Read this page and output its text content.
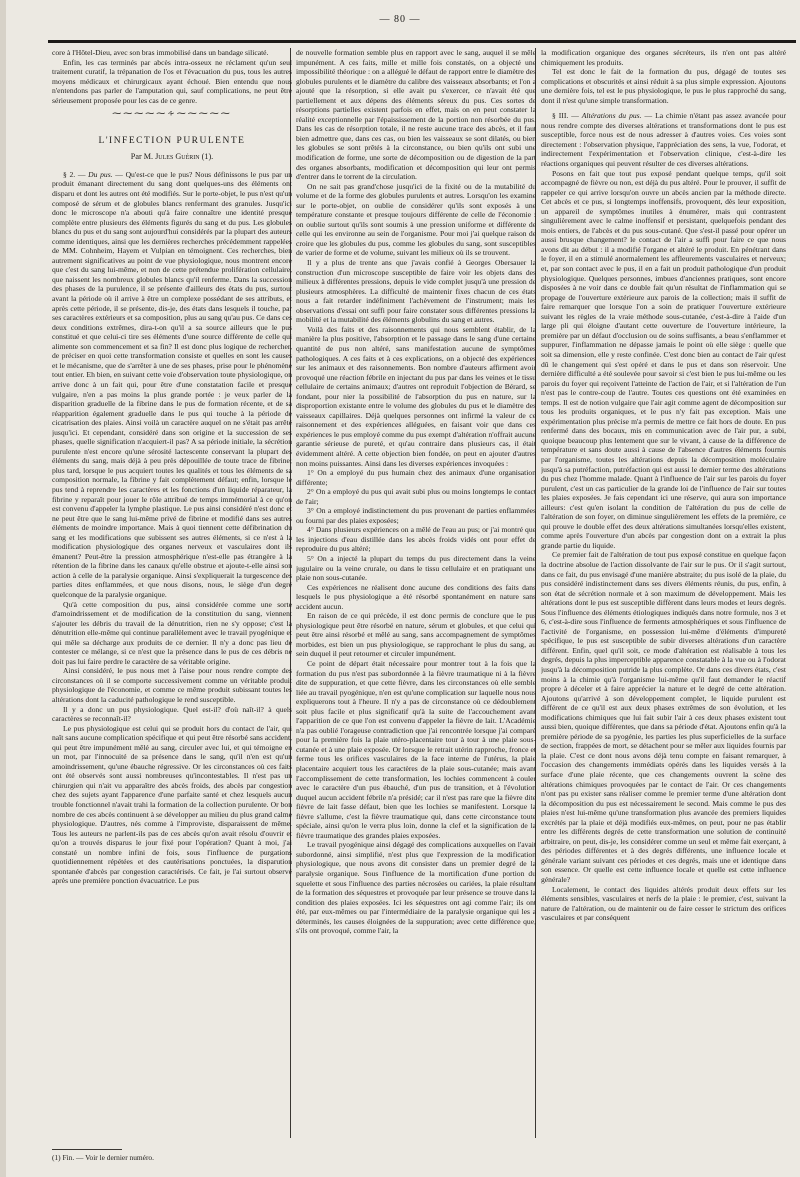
— 80 —

core à l'Hôtel-Dieu, avec son bras immobilisé dans un bandage silicaté.

Enfin, les cas terminés par abcès intra-osseux ne réclament qu'un seul traitement curatif, la trépanation de l'os et l'évacuation du pus, tous les autres moyens médicaux et chirurgicaux ayant échoué. Bien entendu que nous n'entendons pas parler de l'amputation qui, sauf complications, ne peut être sérieusement proposée pour les cas de ce genre.

⁓⁓⁓⁓⁓∻⁓⁓⁓⁓⁓
L'INFECTION PURULENTE
Par M. Jules Guérin (1).

§ 2. — Du pus. — Qu'est-ce que le pus? Nous définissons le pus par un produit émanant directement du sang dont quelques-uns des éléments ont disparu et dont les autres ont été modifiés. Sur le porte-objet, le pus n'est qu'un composé de sérum et de globules blancs renfermant des granules. Jusqu'ici donc le microscope n'a abouti qu'à faire connaître une identité presque complète entre plusieurs des éléments figurés du sang et du pus. Les globules blancs du pus et du sang sont aujourd'hui considérés par la plupart des auteurs comme identiques, ainsi que les dernières recherches précédemment rappelées de MM. Cohnheim, Hayem et Vulpian en témoignent. Ces recherches, bien autrement significatives au point de vue physiologique, nous montrent encore que c'est du sang lui-même, et non de cette prétendue prolifération cellulaire, que naissent les nombreux globules blancs qu'il renferme. Dans la succession des phases de la purulence, il se présente d'ailleurs des états du pus, surtout avant la période où il arrive à être un complexe possédant de ses attributs, et après cette période, il se présente, dis-je, des états dans lesquels il touche, par ses caractères extérieurs et sa composition, plus au sang qu'au pus. Ce dans ces deux conditions extrêmes, dira-t-on qu'il a sa source ailleurs que le pus constitué et que celui-ci tire ses éléments d'une source différente de celle qui alimente son commencement et sa fin? Il est donc plus logique de rechercher, de préciser en quoi cette transformation consiste et quelles en sont les causes et le mécanisme, que de s'arrêter à une de ses phases, prise pour le phénomène tout entier. Eh bien, en suivant cette voie d'observation toute physiologique, on arrive donc à un fait qui, pour être d'une constatation facile et presque vulgaire, n'en a pas moins la plus grande portée : je veux parler de la disparition graduelle de la fibrine dans le pus de formation récente, et de sa réapparition également graduelle dans le pus qui touche à la période de cicatrisation des plaies. Ainsi voilà un caractère auquel on ne s'était pas arrêté jusqu'ici. Et cependant, considéré dans son origine et la succession de ses phases, quelle signification n'acquiert-il pas? A sa période initiale, la sécrétion purulente n'est encore qu'une sérosité lactescente conservant la plupart des éléments du sang, mais déjà à peu près dépouillée de toute trace de fibrine; plus tard, lorsque le pus acquiert toutes les qualités et tous les éléments de sa composition normale, la fibrine y fait complètement défaut; enfin, lorsque le pus tend à reprendre les caractères et les fonctions d'un liquide réparateur, la fibrine y reparaît pour jouer le rôle attribué de temps immémorial à ce qu'on est convenu d'appeler la lymphe plastique. Le pus ainsi considéré n'est donc et ne peut être que le sang lui-même privé de fibrine et modifié dans ses autres éléments de moindre importance. Mais à quoi tiennent cette défibrination du sang et les modifications que subissent ses autres éléments, si ce n'est à la modification physiologique des organes nerveux et vasculaires dont ils émanent? Peut-être la pression atmosphérique n'est-elle pas étrangère à la rétention de la fibrine dans les canaux qu'elle obstrue et ajoute-t-elle ainsi son action à celle de la paralysie organique. Ainsi s'expliquerait la turgescence des parties dites enflammées, et que nous disons, nous, le siège d'un degré quelconque de la paralysie organique.

Qu'à cette composition du pus, ainsi considérée comme une sorte d'amoindrissement et de modification de la constitution du sang, viennent s'ajouter les débris du travail de la dénutrition, rien ne s'y oppose; c'est la dénutrition elle-même qui continue parallèlement avec le travail pyogénique et qui mêle sa décharge aux produits de ce dernier. Il n'y a donc pas lieu de contester ce mélange, si ce n'est que la présence dans le pus de ces débris ne doit pas lui faire perdre le caractère de sa véritable origine.

Ainsi considéré, le pus nous met à l'aise pour nous rendre compte des circonstances où il se comporte successivement comme un véritable produit physiologique de l'économie, et comme ce même produit subissant toutes les altérations dont la caducité pathologique le rend susceptible.

Il y a donc un pus physiologique. Quel est-il? d'où naît-il? à quels caractères se reconnaît-il?

Le pus physiologique est celui qui se produit hors du contact de l'air, qui naît sans aucune complication spécifique et qui peut être résorbé sans accident, qui peut être impunément mêlé au sang, circuler avec lui, et qui témoigne en un mot, par l'innocuité de sa présence dans le sang, qu'il n'en est qu'un amoindrissement, qu'une ébauche régressive. Or les circonstances où ces faits ont été observés sont aussi nombreuses qu'incontestables. Il n'est pas un chirurgien qui n'ait vu apparaître des abcès froids, des abcès par congestion chez des sujets ayant l'apparence d'une parfaite santé et chez lesquels aucun trouble fonctionnel n'avait trahi la formation de la collection purulente. Or bon nombre de ces abcès continuent à se développer au milieu du plus grand calme physiologique. D'autres, nés comme à l'improviste, disparaissent de même. Tous les auteurs ne parlent-ils pas de ces abcès qu'on avait résolu d'ouvrir et qu'on a trouvés disparus le jour fixé pour l'opération? Quant à moi, j'ai constaté un nombre infini de fois, sous l'influence de purgations quotidiennement répétées et des cautérisations ponctuées, la disparution spontanée d'abcès par congestion caractérisés. Ce fait, je l'ai surtout observé après une première ponction évacuatrice. Le pus

(1) Fin. — Voir le dernier numéro.

de nouvelle formation semble plus en rapport avec le sang, auquel il se mêle impunément. A ces faits, mille et mille fois constatés, on a objecté une impossibilité théorique : on a allégué le défaut de rapport entre le diamètre des globules purulents et le diamètre du calibre des vaisseaux absorbants; et l'on a ajouté que la résorption, si elle avait pu s'exercer, ce n'avait été que partiellement et aux dépens des éléments séreux du pus. Ces sortes de résorptions partielles existent parfois en effet, mais on en peut constater la réalité exceptionnelle par l'épaississement de la portion non résorbée du pus. Dans les cas de résorption totale, il ne reste aucune trace des abcès, et il faut bien admettre que, dans ces cas, ou bien les vaisseaux se sont dilatés, ou bien les globules se sont prêtés à la circonstance, ou bien qu'ils ont subi une modification de forme, une sorte de décomposition ou de digestion de la part des organes absorbants, modification et décomposition qui leur ont permis d'entrer dans le torrent de la circulation.

On ne sait pas grand'chose jusqu'ici de la fixité ou de la mutabilité du volume et de la forme des globules purulents et autres. Lorsqu'on les examine sur le porte-objet, on oublie de considérer qu'ils sont exposés à une température constante et presque toujours différente de celle de l'économie : on oublie surtout qu'ils sont soumis à une pression uniforme et différente de celle qui les environne au sein de l'organisme. Pour moi j'ai quelque raison de croire que les globules du pus, comme les globules du sang, sont susceptibles de varier de forme et de volume, suivant les milieux où ils se trouvent.

Il y a plus de trente ans que j'avais confié à Georges Obersauer la construction d'un microscope susceptible de faire voir les objets dans des milieux à différentes pressions, depuis le vide complet jusqu'à une pression de plusieurs atmosphères. La difficulté de maintenir fixes chacun de ces états nous a fait retarder indéfiniment l'achèvement de l'instrument; mais les observations d'essai ont suffi pour faire constater sous différentes pressions la mobilité et la mutabilité des éléments globulins du sang et autres.

Voilà des faits et des raisonnements qui nous semblent établir, de la manière la plus positive, l'absorption et le passage dans le sang d'une certaine quantité de pus non altéré, sans manifestation aucune de symptômes pathologiques. A ces faits et à ces explications, on a objecté des expériences sur les animaux et des raisonnements. Bon nombre d'auteurs affirment avoir provoqué une réaction fébrile en injectant du pus par dans les veines et le tissu cellulaire de certains animaux; d'autres ont reproduit l'objection de Bérard, se fondant, pour nier la possibilité de l'absorption du pus en nature, sur la disproportion existante entre le volume des globules du pus et le diamètre des vaisseaux capillaires. Déjà quelques personnes ont infirmé la valeur de ce raisonnement et des expériences alléguées, en faisant voir que dans ces expériences le pus employé comme du pus exempt d'altération n'offrait aucune garantie sérieuse de pureté, et qu'au contraire dans plusieurs cas, il était évidemment altéré. A cette objection bien fondée, on peut en ajouter d'autres non moins puissantes. Ainsi dans les diverses expériences invoquées :

1° On a employé du pus humain chez des animaux d'une organisation différente;

2° On a employé du pus qui avait subi plus ou moins longtemps le contact de l'air;

3° On a employé indistinctement du pus provenant de parties enflammées ou fourni par des plaies exposées;

4° Dans plusieurs expériences on a mêlé de l'eau au pus; or j'ai montré que les injections d'eau distillée dans les abcès froids vidés ont pour effet de reproduire du pus altéré;

5° On a injecté la plupart du temps du pus directement dans la veine jugulaire ou la veine crurale, ou dans le tissu cellulaire et en pratiquant une plaie non sous-cutanée.

Ces expériences ne réalisent donc aucune des conditions des faits dans lesquels le pus physiologique a été résorbé spontanément en nature sans accident aucun.

En raison de ce qui précède, il est donc permis de conclure que le pus physiologique peut être résorbé en nature, sérum et globules, et que celui qui peut être ainsi résorbé et mêlé au sang, sans accompagnement de symptômes morbides, est bien un pus physiologique, se rapprochant le plus du sang, au sein duquel il peut retourner et circuler impunément.

Ce point de départ était nécessaire pour montrer tout à la fois que la formation du pus n'est pas subordonnée à la fièvre traumatique ni à la fièvre dite de suppuration, et que cette fièvre, dans les circonstances où elle semble liée au travail pyogénique, n'en est qu'une complication sur laquelle nous nous expliquerons tout à l'heure. Il n'y a pas de circonstance où ce dédoublement soit plus facile et plus significatif qu'à la suite de l'accouchement avant l'apparition de ce que l'on est convenu d'appeler la fièvre de lait. L'Académie n'a pas oublié l'orageuse contradiction que j'ai rencontrée lorsque j'ai comparé pour la première fois la plaie utéro-placentaire tour à tour à une plaie sous-cutanée et à une plaie exposée. Or lorsque le retrait utérin rapproche, fronce et ferme tous les orifices vasculaires de la face interne de l'utérus, la plaie placentaire acquiert tous les caractères de la plaie sous-cutanée; mais avant l'accomplissement de cette transformation, les lochies commencent à couler avec le caractère d'un pus ébauché, d'un pus de transition, et à l'évolution duquel aucun accident fébrile n'a présidé; car il n'est pas rare que la fièvre dite fièvre de lait fasse défaut, bien que les lochies se manifestent. Lorsque la fièvre s'allume, c'est la fièvre traumatique qui, dans cette circonstance toute spéciale, ainsi qu'on le verra plus loin, donne la clef et la signification de la fièvre traumatique des grandes plaies exposées.

Le travail pyogénique ainsi dégagé des complications auxquelles on l'avait subordonné, ainsi simplifié, n'est plus que l'expression de la modification physiologique, que nous avons dit consister dans un premier degré de la paralysie organique. Sous l'influence de la mortification d'une portion du squelette et sous l'influence des parties nécrosées ou cariées, la plaie résultant de la formation des séquestres et provoquée par leur présence se trouve dans la condition des plaies exposées. Ici les séquestres ont agi comme l'air; ils ont été, par eux-mêmes ou par l'intermédiaire de la paralysie organique qui les a déterminés, les causes éloignées de la suppuration; avec cette différence que, s'ils ont provoqué, comme l'air, la

la modification organique des organes sécréteurs, ils n'en ont pas altéré chimiquement les produits.

Tel est donc le fait de la formation du pus, dégagé de toutes ses complications et obscurités et ainsi réduit à sa plus simple expression. Ajoutons une dernière fois, tel est le pus physiologique, le pus le plus rapproché du sang, dont il n'est qu'une simple transformation.

§ III. — Altérations du pus. — La chimie n'étant pas assez avancée pour nous rendre compte des diverses altérations et transformations dont le pus est susceptible, force nous est de nous adresser à d'autres voies. Ces voies sont directement : l'observation physique, l'appréciation des sens, la vue, l'odorat, et indirectement l'expérimentation et l'observation clinique, c'est-à-dire les réactions organiques qui peuvent résulter de ces diverses altérations.

Posons en fait que tout pus exposé pendant quelque temps, qu'il soit accompagné de fièvre ou non, est déjà du pus altéré. Pour le prouver, il suffit de rappeler ce qui arrive lorsqu'on ouvre un abcès ancien par la méthode directe. Cet abcès et ce pus, si longtemps inoffensifs, provoquent, dès leur exposition, un appareil de symptômes inutiles à énumérer, mais qui contrastent singulièrement avec le calme inoffensif et persistant, quelquefois pendant des mois entiers, de l'abcès et du pus sous-cutané. Que s'est-il passé pour opérer un aussi brusque changement? le contact de l'air a suffi pour faire ce que nous avons dit au début : il a modifié l'organe et altéré le produit. En pénétrant dans le foyer, il en a stimulé anormalement les affleurements vasculaires et nerveux; et, par son contact avec le pus, il en a fait un produit pathologique d'un produit physiologique. Quelques personnes, imbues d'anciennes pratiques, sont encore disposées à ne voir dans ce double fait qu'un résultat de l'inflammation qui se propage de l'ouverture extérieure aux parois de la collection; mais il suffit de faire remarquer que lorsque l'on a soin de pratiquer l'ouverture extérieure suivant les règles de la vraie méthode sous-cutanée, c'est-à-dire à l'aide d'un large pli qui éloigne d'autant cette ouverture de l'ouverture intérieure, la première par un défaut d'occlusion ou de soins suffisants, a beau s'enflammer et suppurer, l'inflammation ne dépasse jamais le point où elle siège : quelle que soit sa dimension, elle y reste confinée. C'est donc bien au contact de l'air qu'est dû le changement qui s'est opéré et dans le pus et dans son réservoir. Une dernière difficulté a été soulevée pour savoir si c'est bien le pus lui-même ou les parois du foyer qui reçoivent l'atteinte de l'action de l'air, et si l'altération de l'un n'est pas le contre-coup de l'autre. Toutes ces questions ont été examinées en temps. Il est de notion vulgaire que l'air agit comme agent de décomposition sur tous les produits organiques, et le pus n'y fait pas exception. Mais une expérimentation plus précise m'a permis de mettre ce fait hors de doute. En pus renfermé dans des bocaux, mis en communication avec de l'air pur, a subi, quoique beaucoup plus lentement que sur le vivant, à cause de la différence de température et sans doute aussi à cause de l'absence d'autres éléments fournis par l'organisme, toutes les altérations depuis la décomposition moléculaire jusqu'à sa putréfaction, putréfaction qui est aussi le dernier terme des altérations du pus chez l'homme malade. Quant à l'influence de l'air sur les parois du foyer purulent, c'est un cas particulier de la grande loi de l'influence de l'air sur toutes les plaies exposées. Je fais cependant ici une réserve, qui aura son importance ailleurs: c'est qu'en isolant la condition de l'altération du pus de celle de l'altération de son foyer, on diminue singulièrement les effets de la première, ce qui prouve le double effet des deux altérations simultanées lorsqu'elles existent, comme après l'ouverture d'un abcès par congestion dont on a extrait la plus grande partie du liquide.

Ce premier fait de l'altération de tout pus exposé constitue en quelque façon la doctrine absolue de l'action dissolvante de l'air sur le pus. Or il s'agit surtout, dans ce fait, du pus envisagé d'une manière abstraite; du pus isolé de la plaie, du pus considéré indistinctement dans ses divers éléments réunis, du pus, enfin, à son état de sécrétion normale et à son maximum de développement. Mais les altérations dont le pus est susceptible diffèrent dans leurs modes et leurs degrés. Sous l'influence des éléments étiologiques indiqués dans notre formule, nos 3 et 6, c'est-à-dire sous l'influence de ferments atmosphériques et sous l'influence de l'activité de l'organisme, en possession lui-même d'éléments d'impureté spécifique, le pus est susceptible de subir diverses altérations d'un caractère différent. Enfin, quel qu'il soit, ce mode d'altération est réalisable à tous les degrés, depuis la plus imperceptible apparence constatable à la vue ou à l'odorat jusqu'à la décomposition putride la plus complète. Or dans ces divers états, c'est moins à la chimie qu'à l'organisme lui-même qu'il faut demander le réactif propre à déceler et à faire apprécier la nature et le degré de cette altération. Ajoutons qu'arrivé à son développement complet, le liquide purulent est différent de ce qu'il est aux deux phases extrêmes de son évolution, et les modifications chimiques que lui fait subir l'air à ces deux phases existent tout aussi bien, quoique différentes, que dans sa période d'état. Ajoutons enfin qu'à la première période de sa pyogénie, les parties les plus superficielles de la surface de section, frappées de mort, se détachent pour se mêler aux liquides fournis par la plaie. C'est ce dont nous avons déjà tenu compte en faisant remarquer, à l'occasion des changements immédiats opérés dans les liquides versés à la surface d'une plaie récente, que ces changements ouvrent la scène des altérations chimiques provoquées par le contact de l'air. Or ces changements n'ont pas pu exister sans réaliser comme le premier terme d'une altération dont la décomposition du pus est nécessairement le second. Mais comme le pus des plaies n'est lui-même qu'une transformation plus avancée des premiers liquides excrétés par la plaie et déjà modifiés eux-mêmes, on peut, pour ne pas établir entre les différents degrés de cette transformation une solution de continuité arbitraire, on peut, dis-je, les considérer comme un seul et même fait exerçant, à des périodes différentes et à des degrés différents, une influence locale et générale variant suivant ces périodes et ces degrés, mais une et identique dans son essence. Or quelle est cette influence locale et quelle est cette influence générale?

Localement, le contact des liquides altérés produit deux effets sur les éléments sensibles, vasculaires et nerfs de la plaie : le premier, c'est, suivant la nature de l'altération, ou de maintenir ou de faire cesser le strictum des orifices vasculaires et par conséquent
